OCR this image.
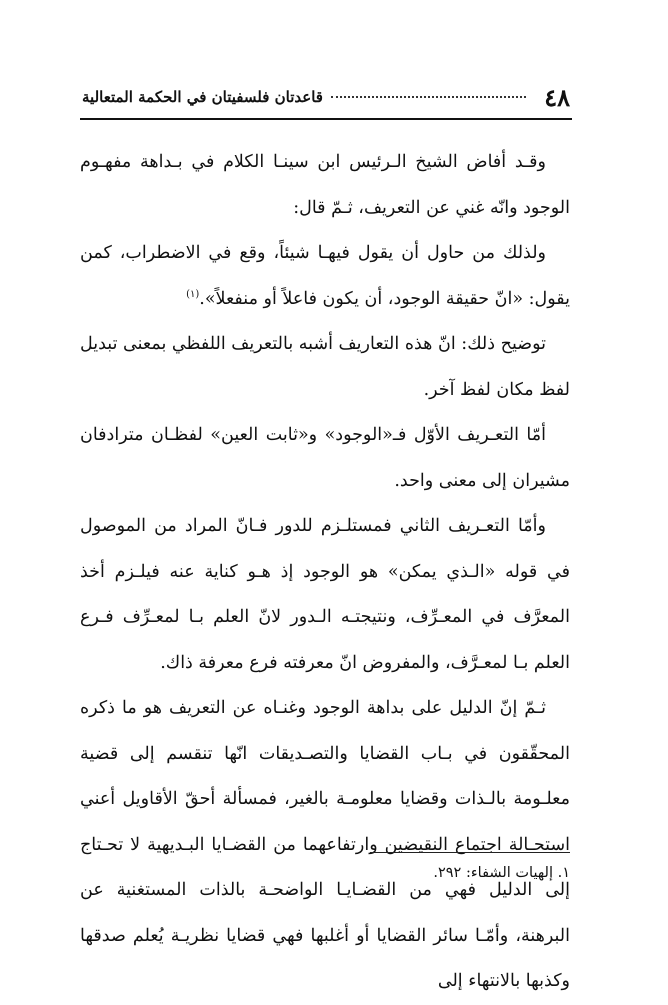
٤٨
قاعدتان فلسفيتان في الحكمة المتعالية

وقـد أفاض الشيخ الـرئيس ابن سينـا الكلام في بـداهة مفهـوم الوجود وانّه غني عن التعريف، ثـمّ قال:

ولذلك من حاول أن يقول فيهـا شيئاً، وقع في الاضطراب، كمن يقول: «انّ حقيقة الوجود، أن يكون فاعلاً أو منفعلاً».$^{(١)}$

توضيح ذلك: انّ هذه التعاريف أشبه بالتعريف اللفظي بمعنى تبديل لفظ مكان لفظ آخر.

أمّا التعـريف الأوّل فـ«الوجود» و«ثابت العين» لفظـان مترادفان مشيران إلى معنى واحد.

وأمّا التعـريف الثاني فمستلـزم للدور فـانّ المراد من الموصول في قوله «الـذي يمكن» هو الوجود إذ هـو كناية عنه فيلـزم أخذ المعرَّف في المعـرِّف، ونتيجتـه الـدور لانّ العلم بـا لمعـرِّف فـرع العلم بـا لمعـرَّف، والمفروض انّ معرفته فرع معرفة ذاك.

ثـمّ إنّ الدليل على بداهة الوجود وغنـاه عن التعريف هو ما ذكره المحقّقون في بـاب القضايا والتصـديقات انّها تنقسم إلى قضية معلـومة بالـذات وقضايا معلومـة بالغير، فمسألة أحقّ الأقاويل أعني استحـالة اجتماع النقيضين وارتفاعهما من القضـايا البـديهية لا تحـتاج إلى الدليل فهي من القضـايـا الواضحـة بالذات المستغنية عن البرهنة، وأمّـا سائر القضايا أو أغلبها فهي قضايا نظريـة يُعلم صدقها وكذبها بالانتهاء إلى

١. إلهيات الشفاء: ٢٩٢.
